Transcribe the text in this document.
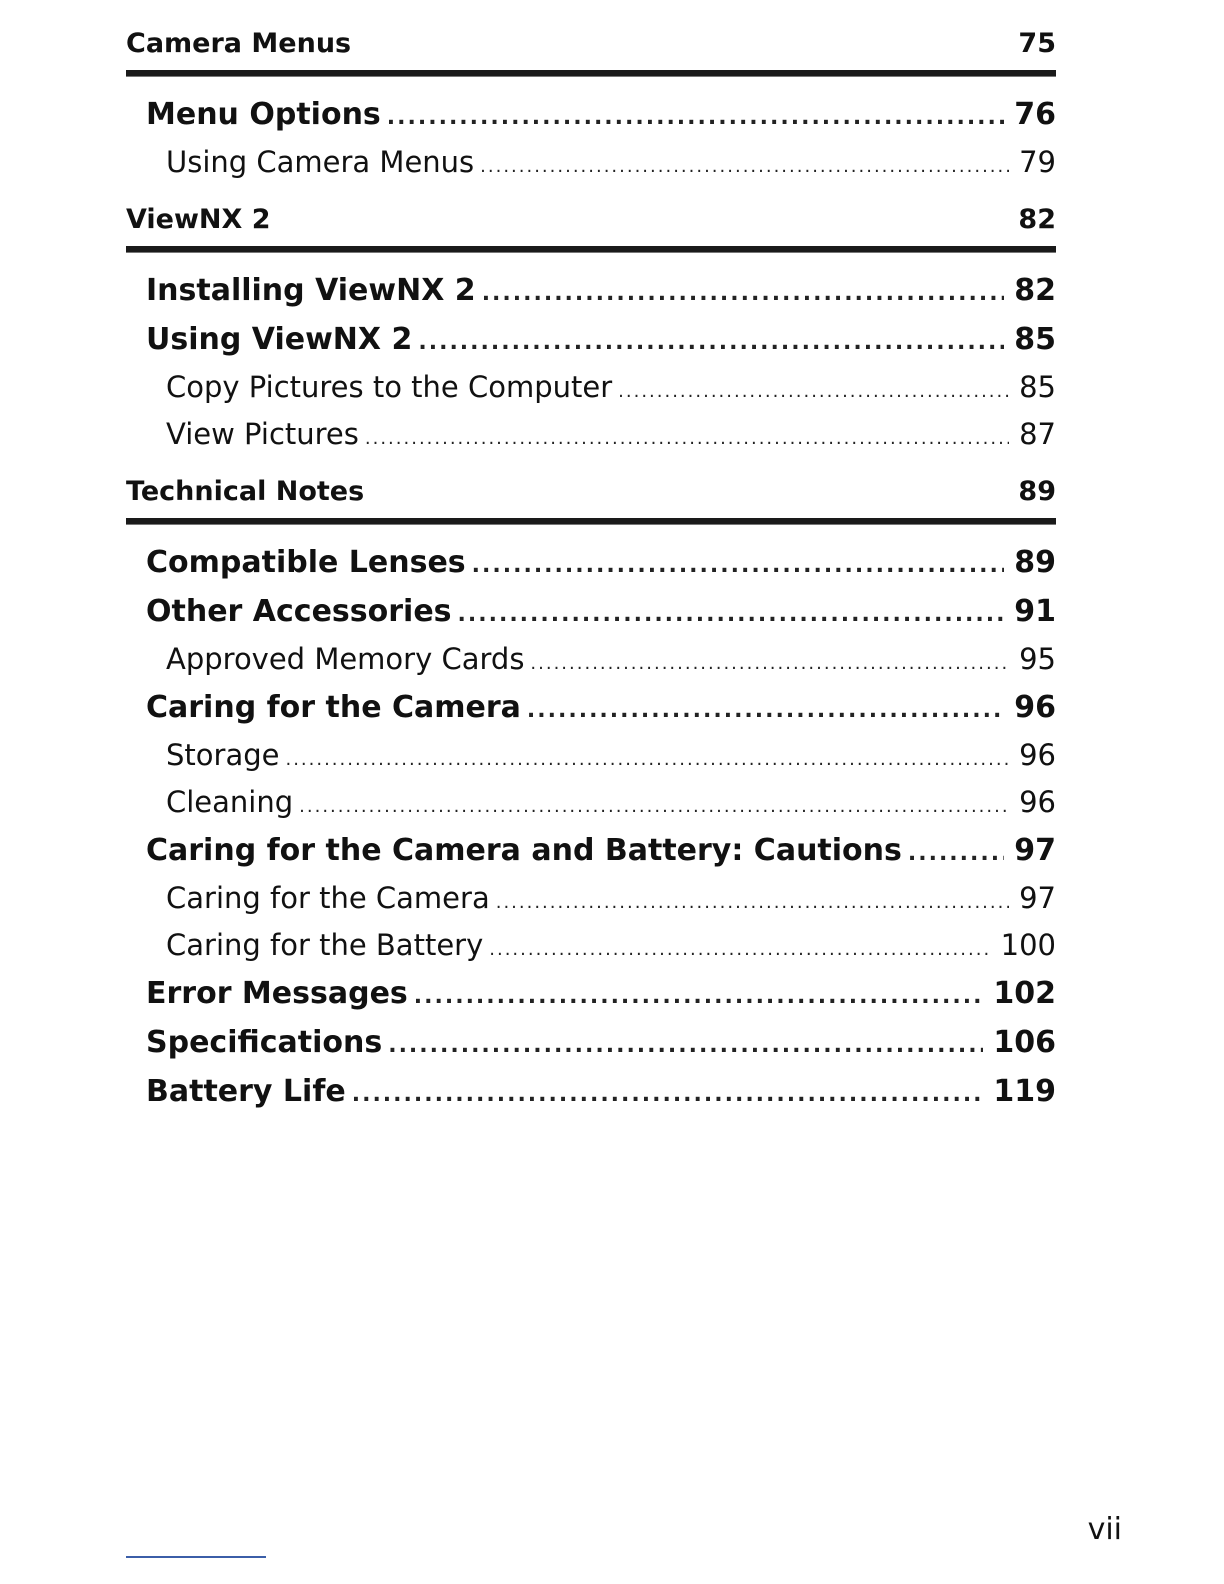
Camera Menus	75
Menu Options .....	76
Using Camera Menus .....	79
ViewNX 2	82
Installing ViewNX 2 .....	82
Using ViewNX 2 .....	85
Copy Pictures to the Computer .....	85
View Pictures .....	87
Technical Notes	89
Compatible Lenses .....	89
Other Accessories .....	91
Approved Memory Cards .....	95
Caring for the Camera .....	96
Storage .....	96
Cleaning .....	96
Caring for the Camera and Battery: Cautions .....	97
Caring for the Camera .....	97
Caring for the Battery .....	100
Error Messages .....	102
Specifications .....	106
Battery Life .....	119
vii
